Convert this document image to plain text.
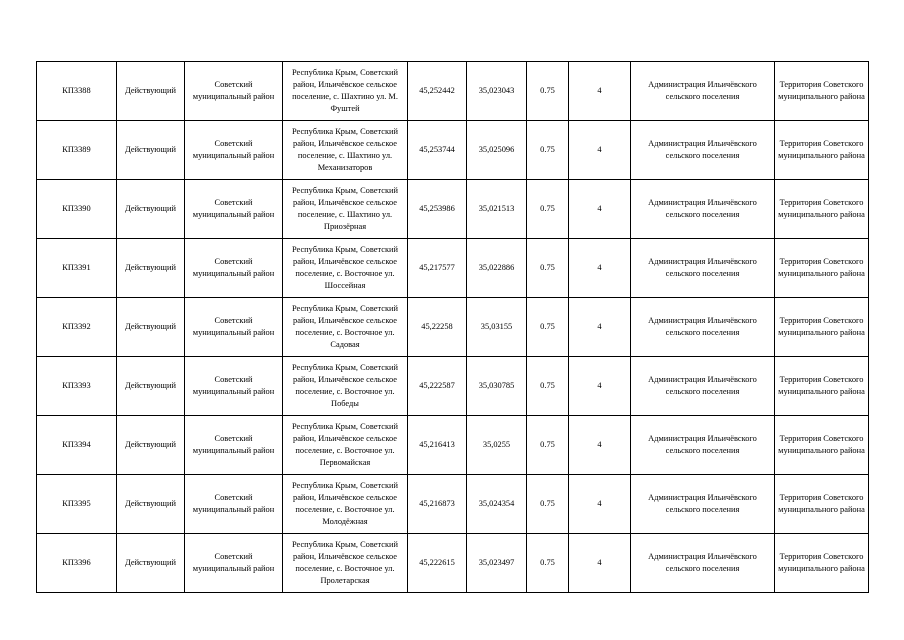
КП3388	Действующий	Советский муниципальный район	Республика Крым, Советский район, Ильичёвское сельское поселение, с. Шахтино ул. М. Фуштей	45,252442	35,023043	0.75	4	Администрация Ильичёвского сельского поселения	Территория Советского муниципального района
КП3389	Действующий	Советский муниципальный район	Республика Крым, Советский район, Ильичёвское сельское поселение, с. Шахтино ул. Механизаторов	45,253744	35,025096	0.75	4	Администрация Ильичёвского сельского поселения	Территория Советского муниципального района
КП3390	Действующий	Советский муниципальный район	Республика Крым, Советский район, Ильичёвское сельское поселение, с. Шахтино ул. Приозёрная	45,253986	35,021513	0.75	4	Администрация Ильичёвского сельского поселения	Территория Советского муниципального района
КП3391	Действующий	Советский муниципальный район	Республика Крым, Советский район, Ильичёвское сельское поселение, с. Восточное ул. Шоссейная	45,217577	35,022886	0.75	4	Администрация Ильичёвского сельского поселения	Территория Советского муниципального района
КП3392	Действующий	Советский муниципальный район	Республика Крым, Советский район, Ильичёвское сельское поселение, с. Восточное ул. Садовая	45,22258	35,03155	0.75	4	Администрация Ильичёвского сельского поселения	Территория Советского муниципального района
КП3393	Действующий	Советский муниципальный район	Республика Крым, Советский район, Ильичёвское сельское поселение, с. Восточное ул. Победы	45,222587	35,030785	0.75	4	Администрация Ильичёвского сельского поселения	Территория Советского муниципального района
КП3394	Действующий	Советский муниципальный район	Республика Крым, Советский район, Ильичёвское сельское поселение, с. Восточное ул. Первомайская	45,216413	35,0255	0.75	4	Администрация Ильичёвского сельского поселения	Территория Советского муниципального района
КП3395	Действующий	Советский муниципальный район	Республика Крым, Советский район, Ильичёвское сельское поселение, с. Восточное ул. Молодёжная	45,216873	35,024354	0.75	4	Администрация Ильичёвского сельского поселения	Территория Советского муниципального района
КП3396	Действующий	Советский муниципальный район	Республика Крым, Советский район, Ильичёвское сельское поселение, с. Восточное ул. Пролетарская	45,222615	35,023497	0.75	4	Администрация Ильичёвского сельского поселения	Территория Советского муниципального района
